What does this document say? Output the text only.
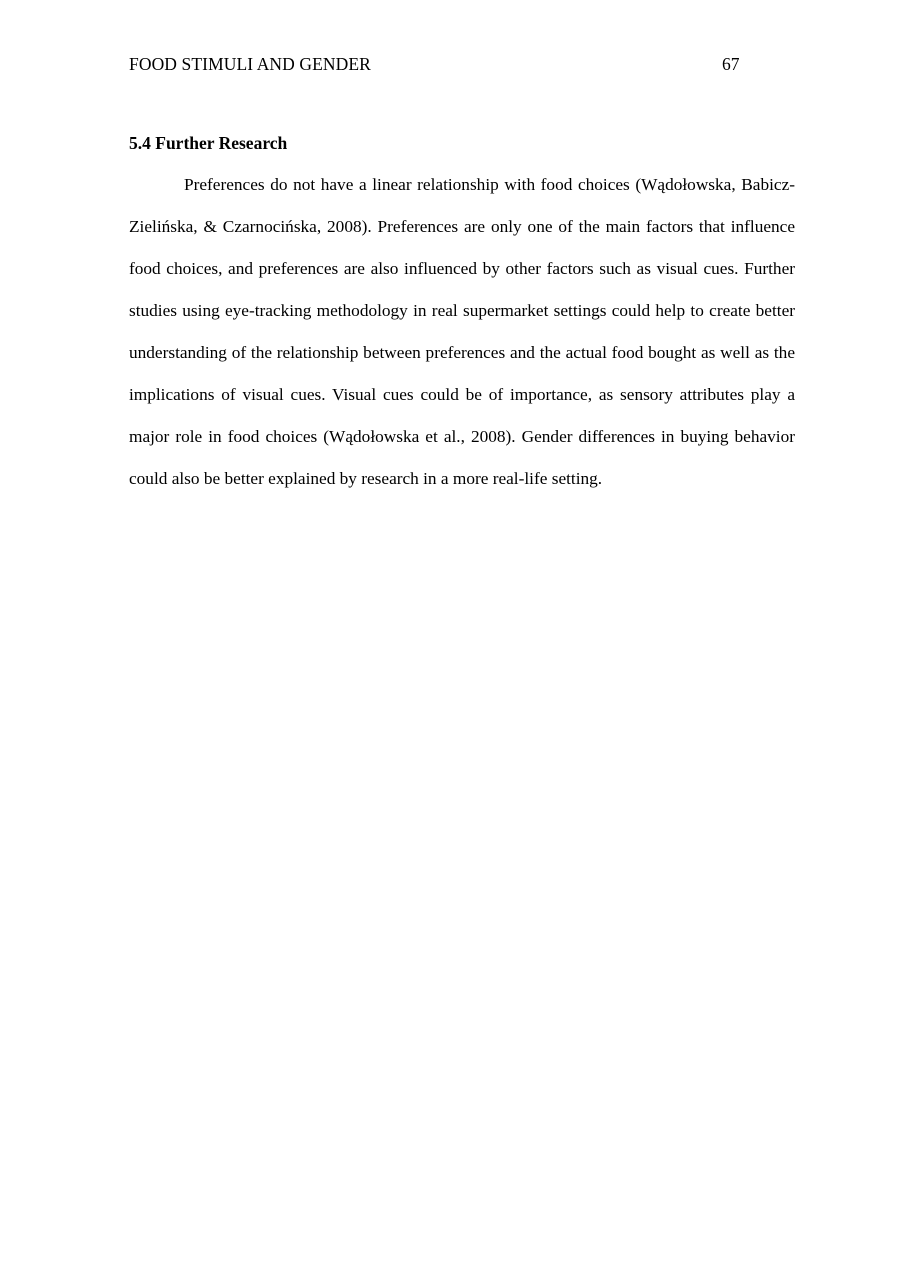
FOOD STIMULI AND GENDER	67
5.4 Further Research

Preferences do not have a linear relationship with food choices (Wądołowska, Babicz-Zielińska, & Czarnocińska, 2008). Preferences are only one of the main factors that influence food choices, and preferences are also influenced by other factors such as visual cues. Further studies using eye-tracking methodology in real supermarket settings could help to create better understanding of the relationship between preferences and the actual food bought as well as the implications of visual cues. Visual cues could be of importance, as sensory attributes play a major role in food choices (Wądołowska et al., 2008). Gender differences in buying behavior could also be better explained by research in a more real-life setting.
